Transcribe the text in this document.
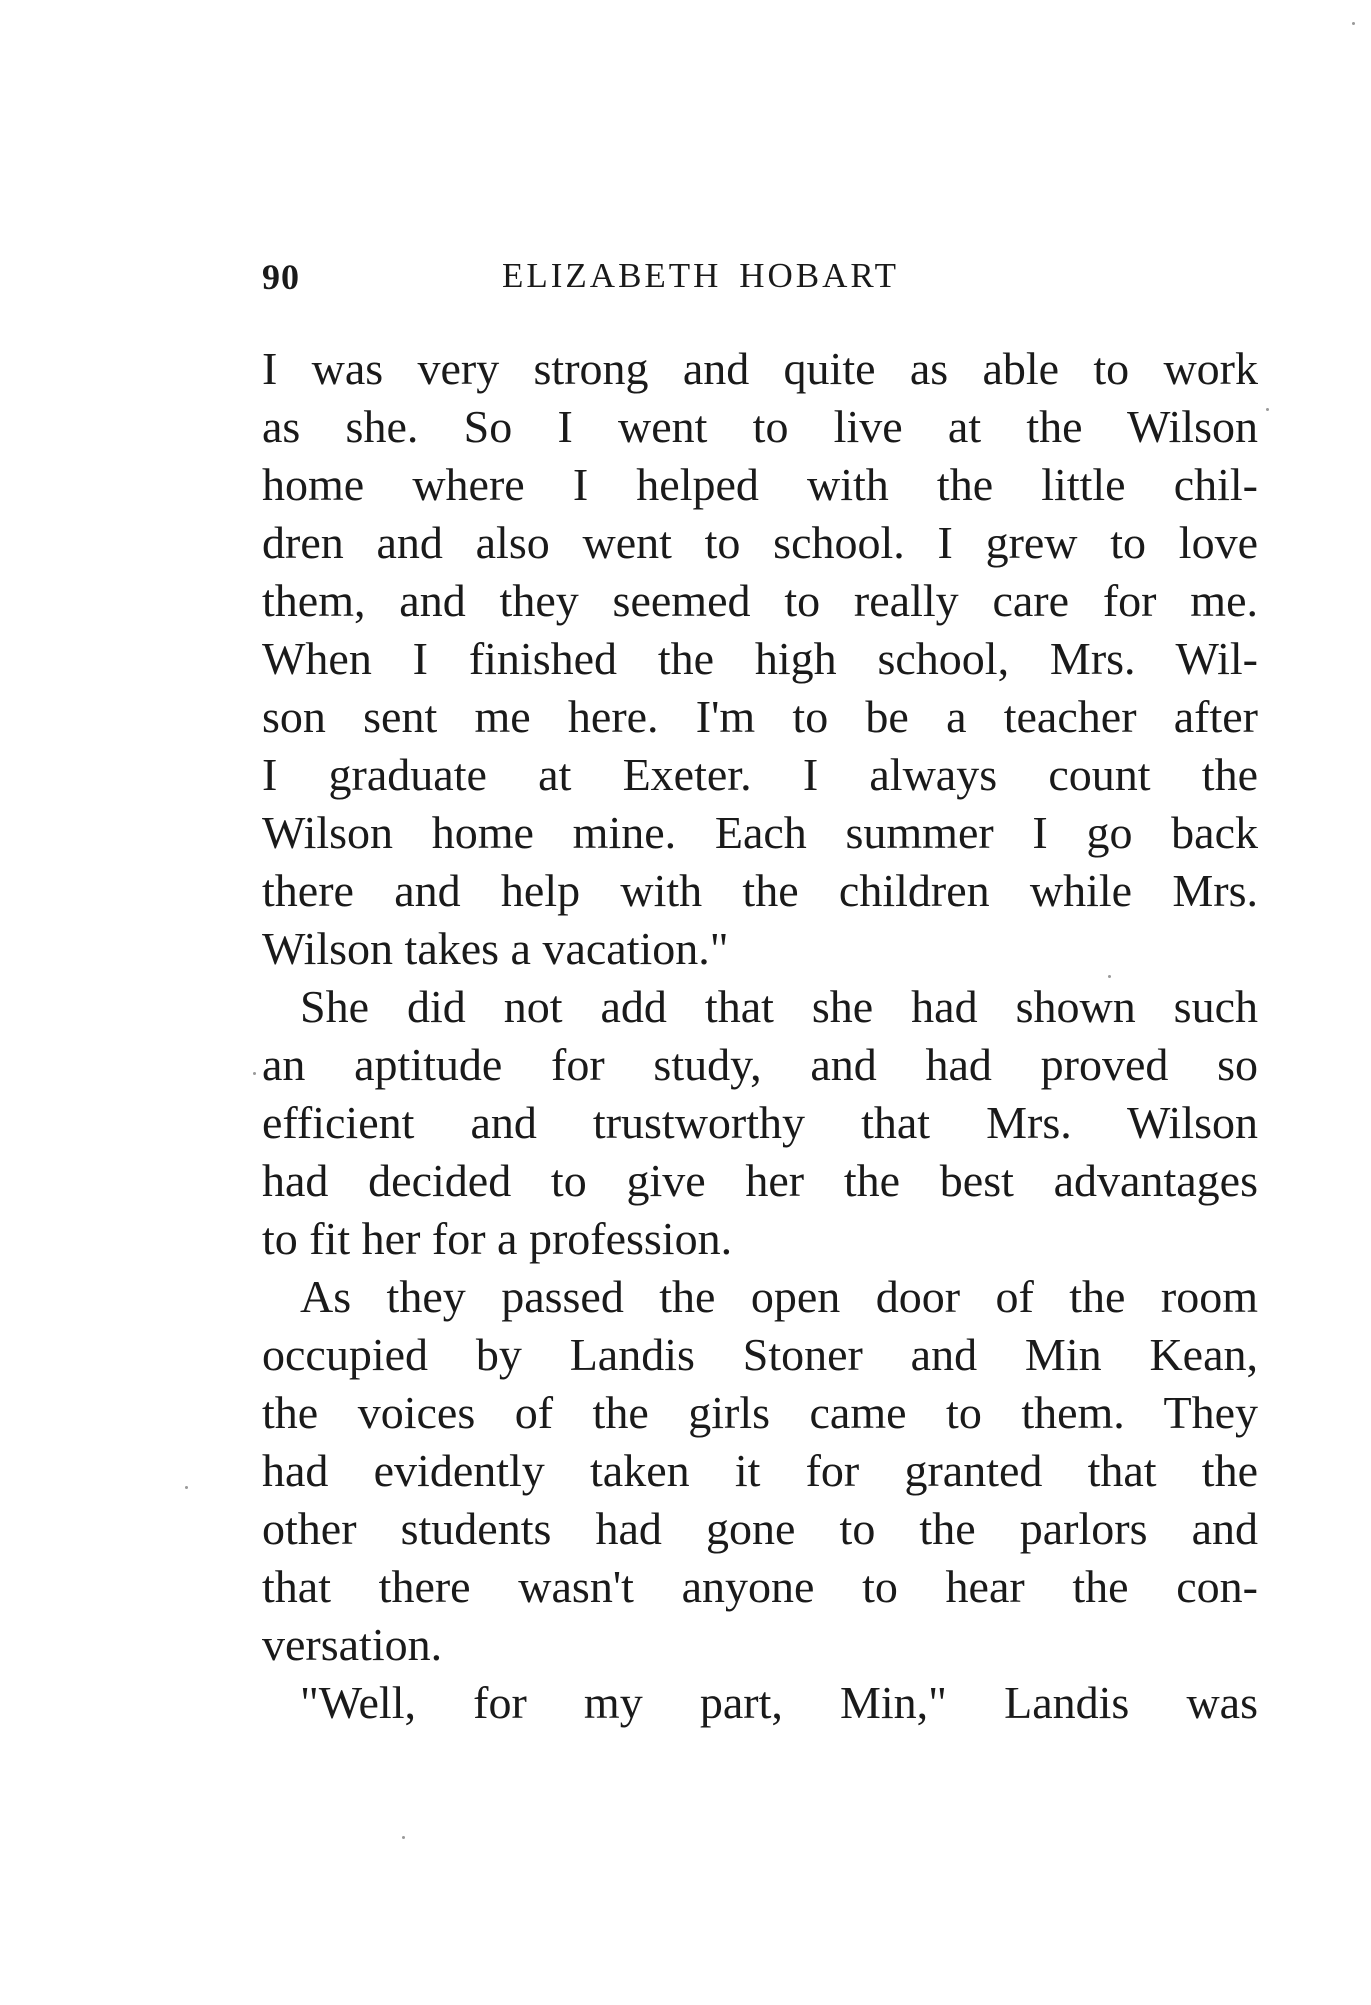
90	ELIZABETH HOBART
I was very strong and quite as able to work
as she. So I went to live at the Wilson
home where I helped with the little chil-
dren and also went to school. I grew to love
them, and they seemed to really care for me.
When I finished the high school, Mrs. Wil-
son sent me here. I'm to be a teacher after
I graduate at Exeter. I always count the
Wilson home mine. Each summer I go back
there and help with the children while Mrs.
Wilson takes a vacation."
She did not add that she had shown such
an aptitude for study, and had proved so
efficient and trustworthy that Mrs. Wilson
had decided to give her the best advantages
to fit her for a profession.
As they passed the open door of the room
occupied by Landis Stoner and Min Kean,
the voices of the girls came to them. They
had evidently taken it for granted that the
other students had gone to the parlors and
that there wasn't anyone to hear the con-
versation.
"Well, for my part, Min," Landis was
